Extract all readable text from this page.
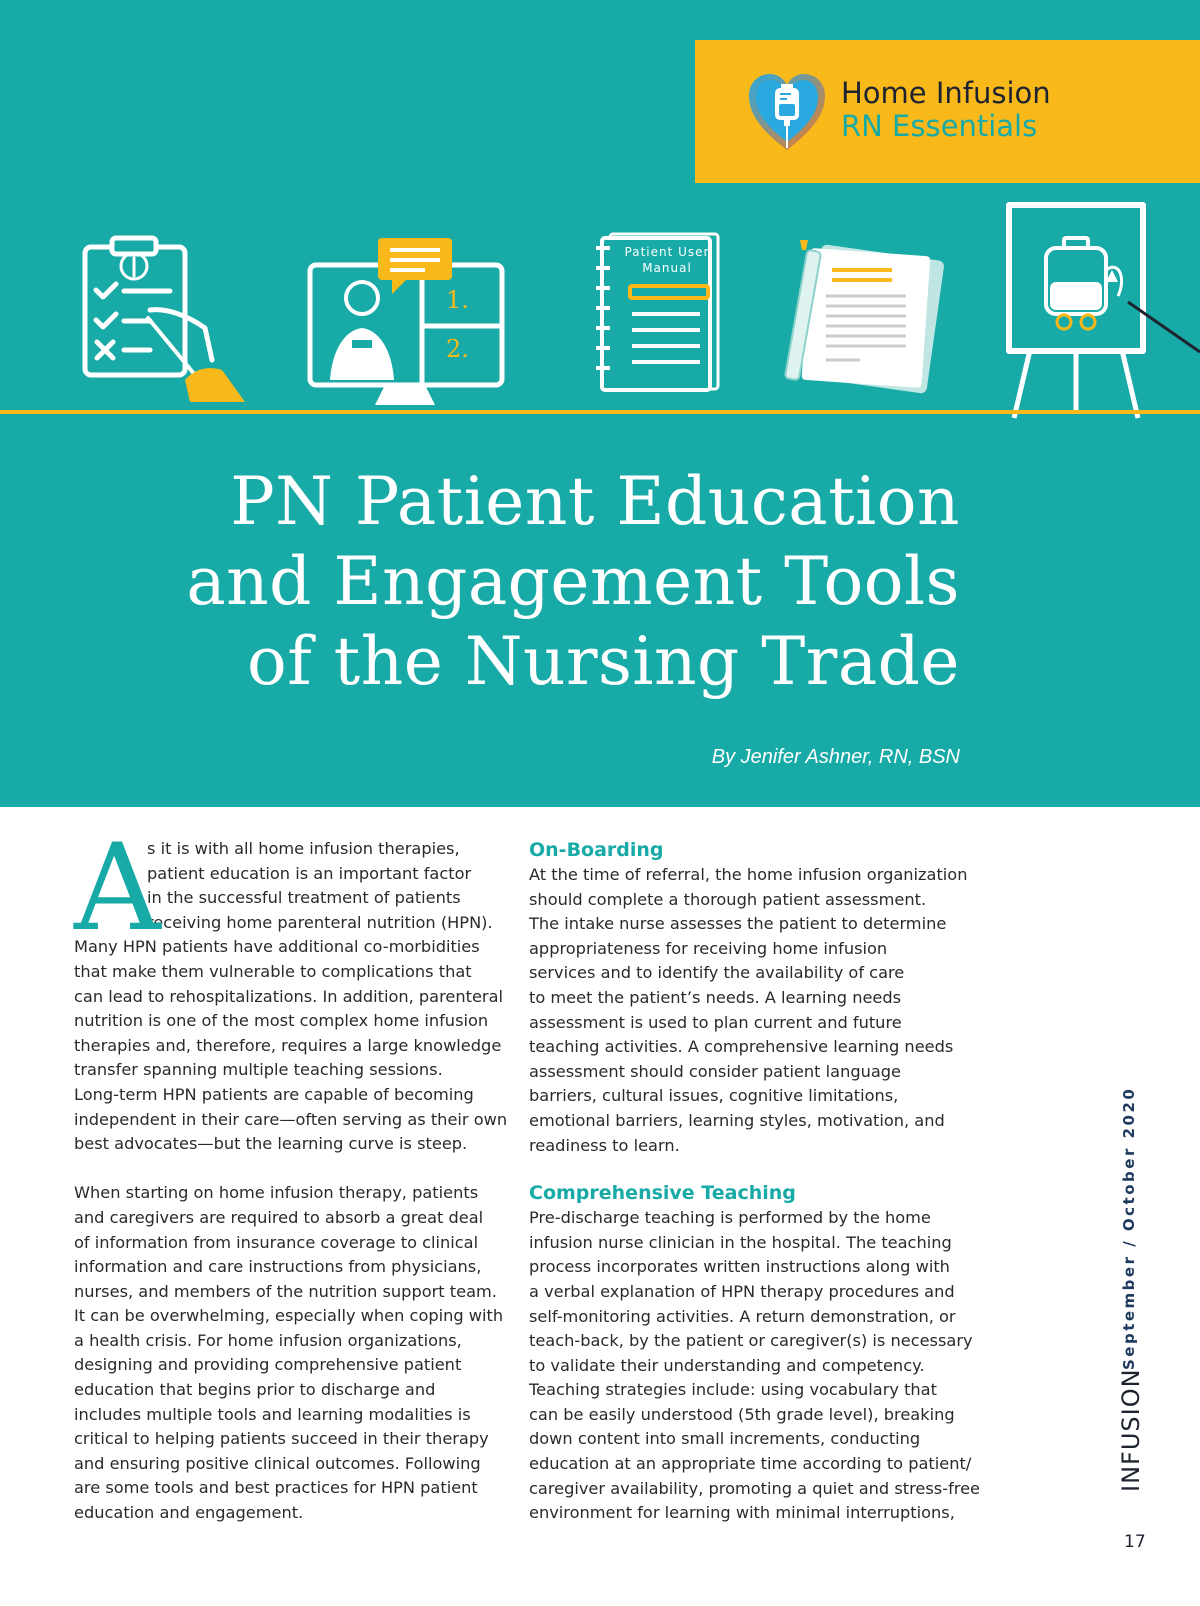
Home Infusion
RN Essentials
1.
2.
Patient User
Manual
PN Patient Education
and Engagement Tools
of the Nursing Trade
By Jenifer Ashner, RN, BSN
A

s it is with all home infusion therapies,

patient education is an important factor

in the successful treatment of patients

receiving home parenteral nutrition (HPN).

Many HPN patients have additional co-morbidities

that make them vulnerable to complications that

can lead to rehospitalizations. In addition, parenteral

nutrition is one of the most complex home infusion

therapies and, therefore, requires a large knowledge

transfer spanning multiple teaching sessions.

Long-term HPN patients are capable of becoming

independent in their care—often serving as their own

best advocates—but the learning curve is steep.

When starting on home infusion therapy, patients

and caregivers are required to absorb a great deal

of information from insurance coverage to clinical

information and care instructions from physicians,

nurses, and members of the nutrition support team.

It can be overwhelming, especially when coping with

a health crisis. For home infusion organizations,

designing and providing comprehensive patient

education that begins prior to discharge and

includes multiple tools and learning modalities is

critical to helping patients succeed in their therapy

and ensuring positive clinical outcomes. Following

are some tools and best practices for HPN patient

education and engagement.

On-Boarding

At the time of referral, the home infusion organization

should complete a thorough patient assessment.

The intake nurse assesses the patient to determine

appropriateness for receiving home infusion

services and to identify the availability of care

to meet the patient’s needs. A learning needs

assessment is used to plan current and future

teaching activities. A comprehensive learning needs

assessment should consider patient language

barriers, cultural issues, cognitive limitations,

emotional barriers, learning styles, motivation, and

readiness to learn.

Comprehensive Teaching

Pre-discharge teaching is performed by the home

infusion nurse clinician in the hospital. The teaching

process incorporates written instructions along with

a verbal explanation of HPN therapy procedures and

self-monitoring activities. A return demonstration, or

teach-back, by the patient or caregiver(s) is necessary

to validate their understanding and competency.

Teaching strategies include: using vocabulary that

can be easily understood (5th grade level), breaking

down content into small increments, conducting

education at an appropriate time according to patient/

caregiver availability, promoting a quiet and stress-free

environment for learning with minimal interruptions,

September / October 2020
INFUSION
17
